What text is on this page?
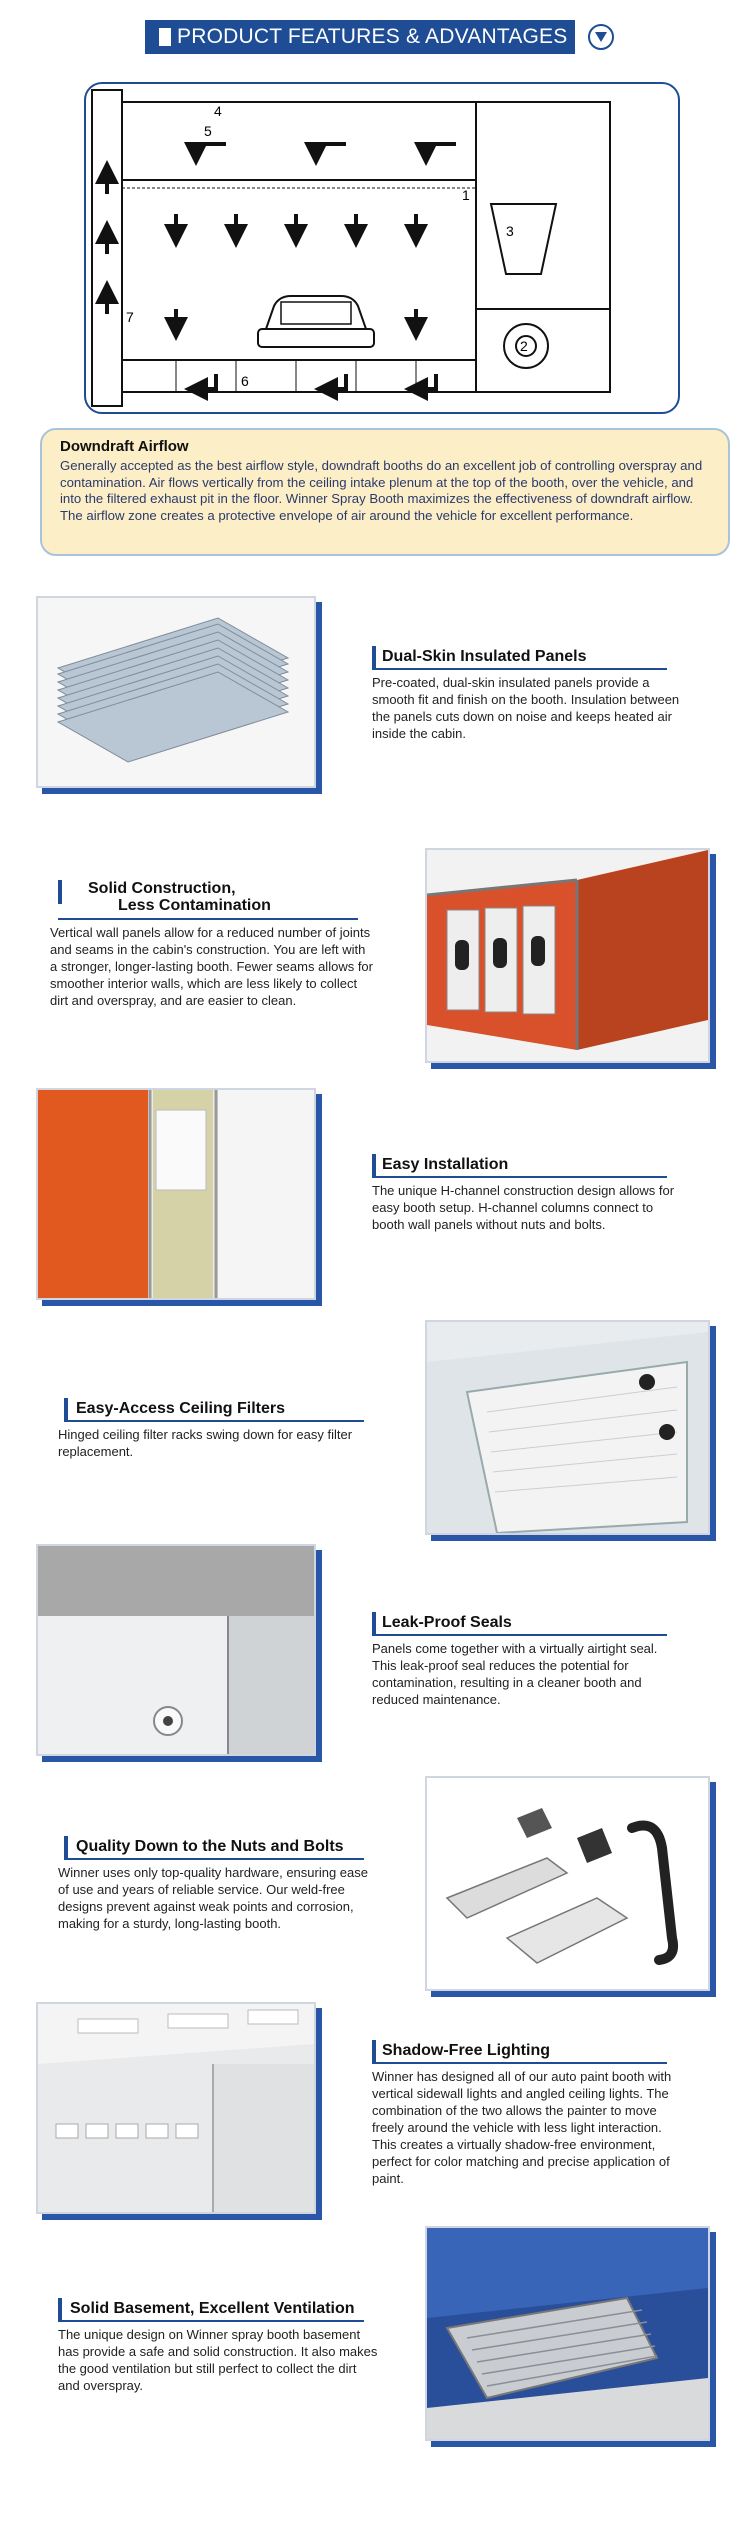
PRODUCT FEATURES & ADVANTAGES
4
5
.
1
3
2
6
7
Downdraft Airflow
Generally accepted as the best airflow style, downdraft booths do an excellent job of controlling overspray and contamination. Air flows vertically from the ceiling intake plenum at the top of the booth, over the vehicle, and into the filtered exhaust pit in the floor. Winner Spray Booth maximizes the effectiveness of downdraft airflow. The airflow zone creates a protective envelope of air around the vehicle for excellent performance.
Dual-Skin Insulated Panels
Pre-coated, dual-skin insulated panels provide a smooth fit and finish on the booth. Insulation between the panels cuts down on noise and keeps heated air inside the cabin.
Solid Construction,
Less Contamination
Vertical wall panels allow for a reduced number of joints and seams in the cabin's construction. You are left with a stronger, longer-lasting booth. Fewer seams allows for smoother interior walls, which are less likely to collect dirt and overspray, and are easier to clean.
Easy Installation
The unique H-channel construction design allows for easy booth setup. H-channel columns connect to booth wall panels without nuts and bolts.
Easy-Access Ceiling Filters
Hinged ceiling filter racks swing down for easy filter replacement.
Leak-Proof Seals
Panels come together with a virtually airtight seal. This leak-proof seal reduces the potential for contamination, resulting in a cleaner booth and reduced maintenance.
Quality Down to the Nuts and Bolts
Winner uses only top-quality hardware, ensuring ease of use and years of reliable service. Our weld-free designs prevent against weak points and corrosion, making for a sturdy, long-lasting booth.
Shadow-Free Lighting
Winner has designed all of our auto paint booth with vertical sidewall lights and angled ceiling lights. The combination of the two allows the painter to move freely around the vehicle with less light interaction. This creates a virtually shadow-free environment, perfect for color matching and precise application of paint.
Solid Basement, Excellent Ventilation
The unique design on Winner spray booth basement has provide a safe and solid construction. It also makes the good ventilation but still perfect to collect the dirt and overspray.
